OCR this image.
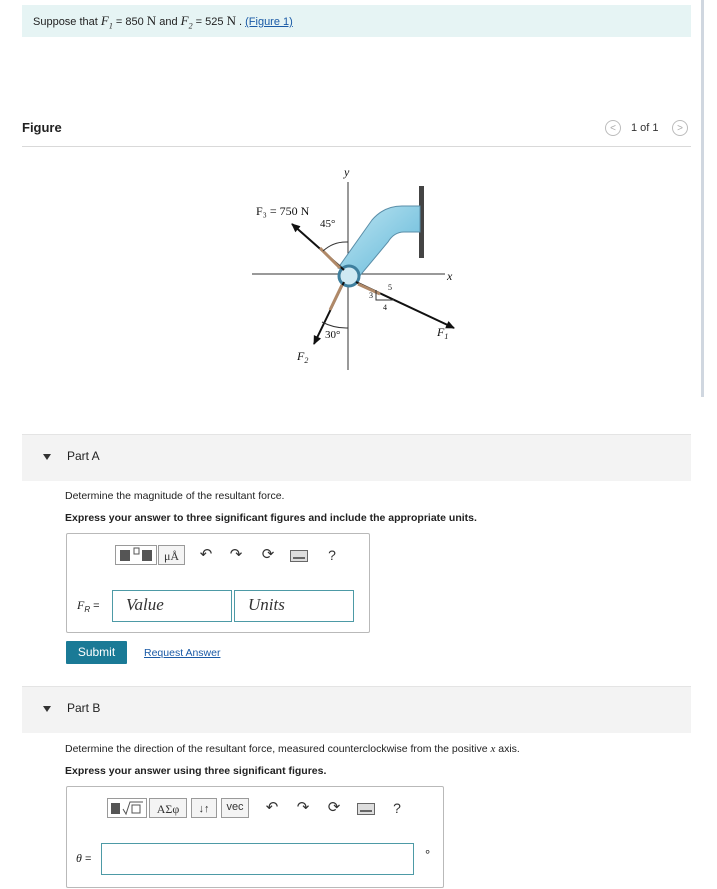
Suppose that $F_1 = 850$ N and $F_2 = 525$ N . (Figure 1)
Figure	<	1 of 1	>
F₃ = 750 N
45°
y
x
30°
$F_2$
$F_1$
3
4
5
Part A
Determine the magnitude of the resultant force.
Express your answer to three significant figures and include the appropriate units.
μÅ	↶ ↷ ⟳	?
$F_R$ =	Value	Units
Submit	Request Answer
Part B
Determine the direction of the resultant force, measured counterclockwise from the positive x axis.
Express your answer using three significant figures.
ΑΣφ	↓↑	vec	↶ ↷ ⟳	?
θ =	°
